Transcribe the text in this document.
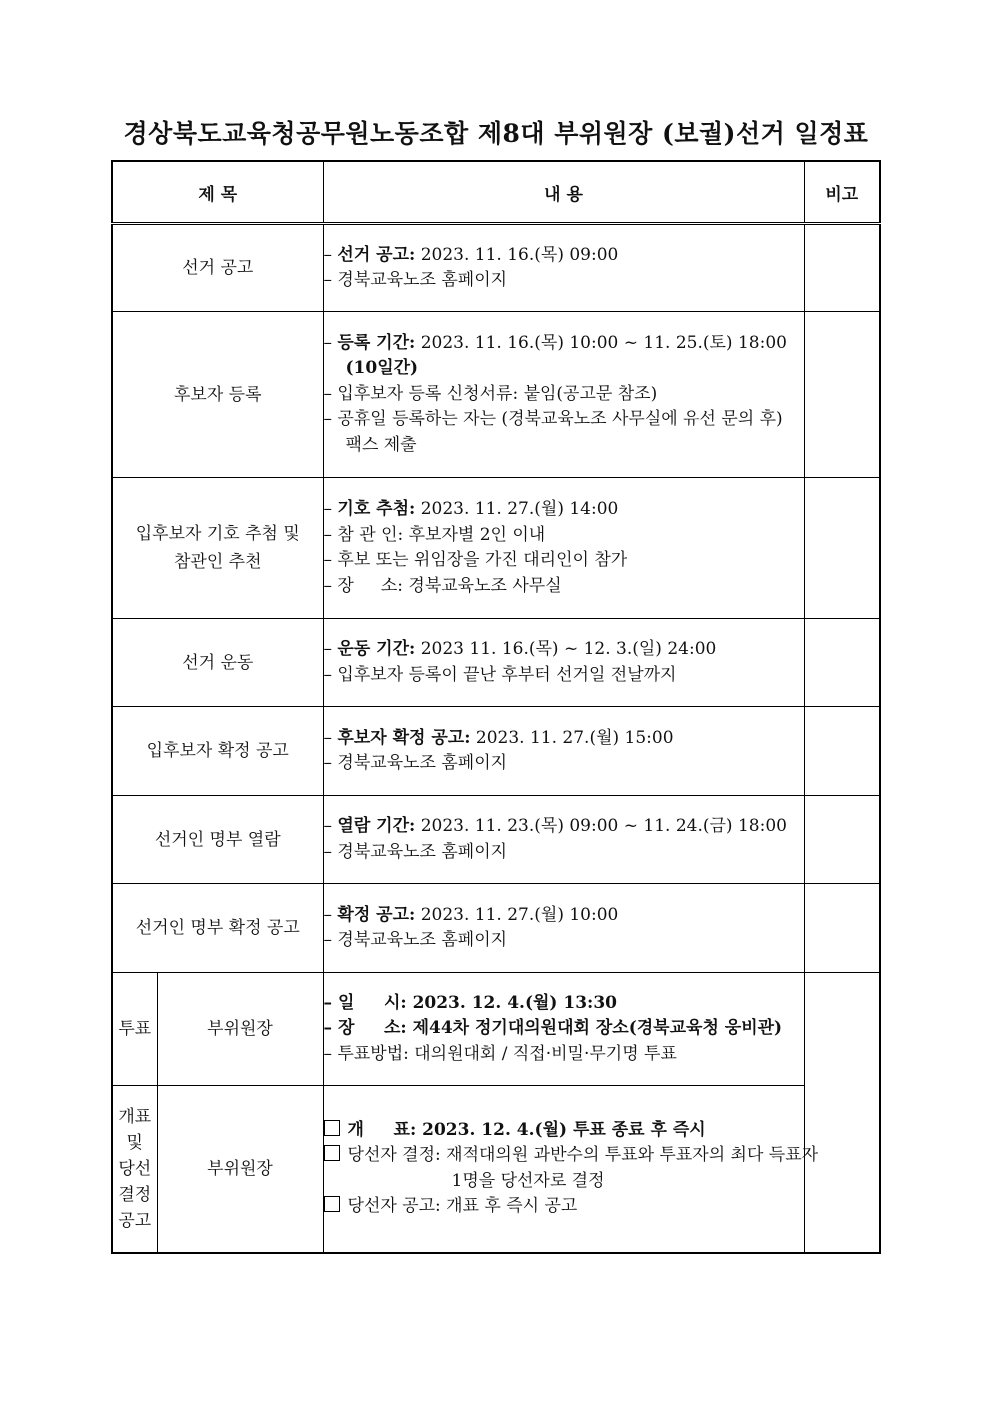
경상북도교육청공무원노동조합 제8대 부위원장 (보궐)선거 일정표
제 목		내 용	비고
선거 공고		– 선거 공고: 2023. 11. 16.(목) 09:00
– 경북교육노조 홈페이지	

후보자 등록		– 등록 기간: 2023. 11. 16.(목) 10:00 ~ 11. 25.(토) 18:00
(10일간)
– 입후보자 등록 신청서류: 붙임(공고문 참조)
– 공휴일 등록하는 자는 (경북교육노조 사무실에 유선 문의 후)
팩스 제출	

입후보자 기호 추첨 및
참관인 추천		– 기호 추첨: 2023. 11. 27.(월) 14:00
– 참 관 인: 후보자별 2인 이내
– 후보 또는 위임장을 가진 대리인이 참가
– 장     소: 경북교육노조 사무실	

선거 운동		– 운동 기간: 2023 11. 16.(목) ~ 12. 3.(일) 24:00
– 입후보자 등록이 끝난 후부터 선거일 전날까지	

입후보자 확정 공고		– 후보자 확정 공고: 2023. 11. 27.(월) 15:00
– 경북교육노조 홈페이지	

선거인 명부 열람		– 열람 기간: 2023. 11. 23.(목) 09:00 ~ 11. 24.(금) 18:00
– 경북교육노조 홈페이지	

선거인 명부 확정 공고		– 확정 공고: 2023. 11. 27.(월) 10:00
– 경북교육노조 홈페이지	

투표	부위원장	– 일     시: 2023. 12. 4.(월) 13:30
– 장     소: 제44차 정기대의원대회 장소(경북교육청 웅비관)
– 투표방법: 대의원대회 / 직접·비밀·무기명 투표	

개표
및
당선
결정
공고	부위원장	개     표: 2023. 12. 4.(월) 투표 종료 후 즉시
당선자 결정: 재적대의원 과반수의 투표와 투표자의 최다 득표자
1명을 당선자로 결정
당선자 공고: 개표 후 즉시 공고	
